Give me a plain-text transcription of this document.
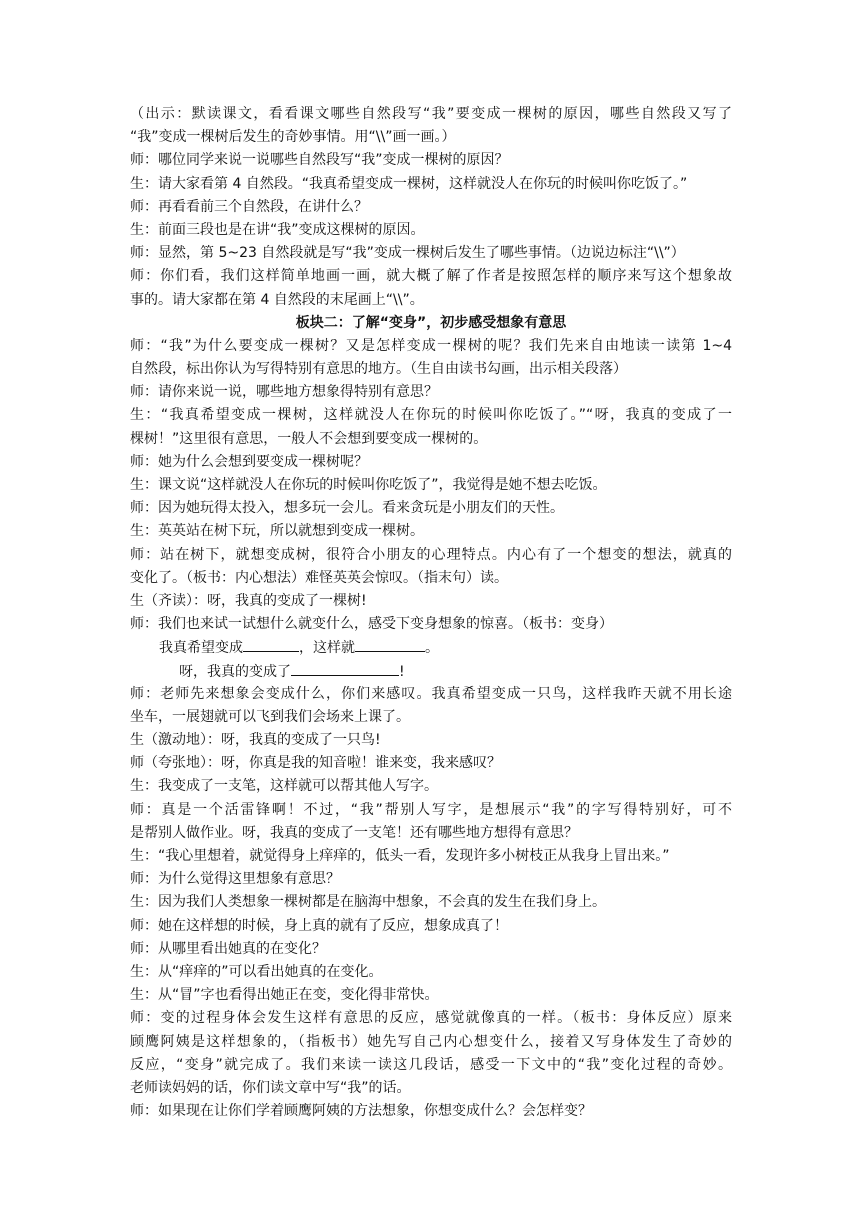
（出示：默读课文，看看课文哪些自然段写“我”要变成一棵树的原因，哪些自然段又写了
“我”变成一棵树后发生的奇妙事情。用“\\”画一画。）
师：哪位同学来说一说哪些自然段写“我”变成一棵树的原因？
生：请大家看第 4 自然段。“我真希望变成一棵树，这样就没人在你玩的时候叫你吃饭了。”
师：再看看前三个自然段，在讲什么？
生：前面三段也是在讲“我”变成这棵树的原因。
师：显然，第 5~23 自然段就是写“我”变成一棵树后发生了哪些事情。（边说边标注“\\”）
师：你们看，我们这样简单地画一画，就大概了解了作者是按照怎样的顺序来写这个想象故
事的。请大家都在第 4 自然段的末尾画上“\\”。
板块二：了解“变身”，初步感受想象有意思
师：“我”为什么要变成一棵树？又是怎样变成一棵树的呢？我们先来自由地读一读第 1~4
自然段，标出你认为写得特别有意思的地方。（生自由读书勾画，出示相关段落）
师：请你来说一说，哪些地方想象得特别有意思？
生：“我真希望变成一棵树，这样就没人在你玩的时候叫你吃饭了。”“呀，我真的变成了一
棵树！”这里很有意思，一般人不会想到要变成一棵树的。
师：她为什么会想到要变成一棵树呢？
生：课文说“这样就没人在你玩的时候叫你吃饭了”，我觉得是她不想去吃饭。
师：因为她玩得太投入，想多玩一会儿。看来贪玩是小朋友们的天性。
生：英英站在树下玩，所以就想到变成一棵树。
师：站在树下，就想变成树，很符合小朋友的心理特点。内心有了一个想变的想法，就真的
变化了。（板书：内心想法）难怪英英会惊叹。（指末句）读。
生（齐读）：呀，我真的变成了一棵树!
师：我们也来试一试想什么就变什么，感受下变身想象的惊喜。（板书：变身）
我真希望变成	，这样就	。
呀，我真的变成了	!
师：老师先来想象会变成什么，你们来感叹。我真希望变成一只鸟，这样我昨天就不用长途
坐车，一展翅就可以飞到我们会场来上课了。
生（激动地）：呀，我真的变成了一只鸟!
师（夸张地）：呀，你真是我的知音啦！谁来变，我来感叹？
生：我变成了一支笔，这样就可以帮其他人写字。
师：真是一个活雷锋啊！不过，“我”帮别人写字，是想展示“我”的字写得特别好，可不
是帮别人做作业。呀，我真的变成了一支笔！还有哪些地方想得有意思？
生：“我心里想着，就觉得身上痒痒的，低头一看，发现许多小树枝正从我身上冒出来。”
师：为什么觉得这里想象有意思？
生：因为我们人类想象一棵树都是在脑海中想象，不会真的发生在我们身上。
师：她在这样想的时候，身上真的就有了反应，想象成真了！
师：从哪里看出她真的在变化？
生：从“痒痒的”可以看出她真的在变化。
生：从“冒”字也看得出她正在变，变化得非常快。
师：变的过程身体会发生这样有意思的反应，感觉就像真的一样。（板书：身体反应）原来
顾鹰阿姨是这样想象的，（指板书）她先写自己内心想变什么，接着又写身体发生了奇妙的
反应，“变身”就完成了。我们来读一读这几段话，感受一下文中的“我”变化过程的奇妙。
老师读妈妈的话，你们读文章中写“我”的话。
师：如果现在让你们学着顾鹰阿姨的方法想象，你想变成什么？会怎样变？
